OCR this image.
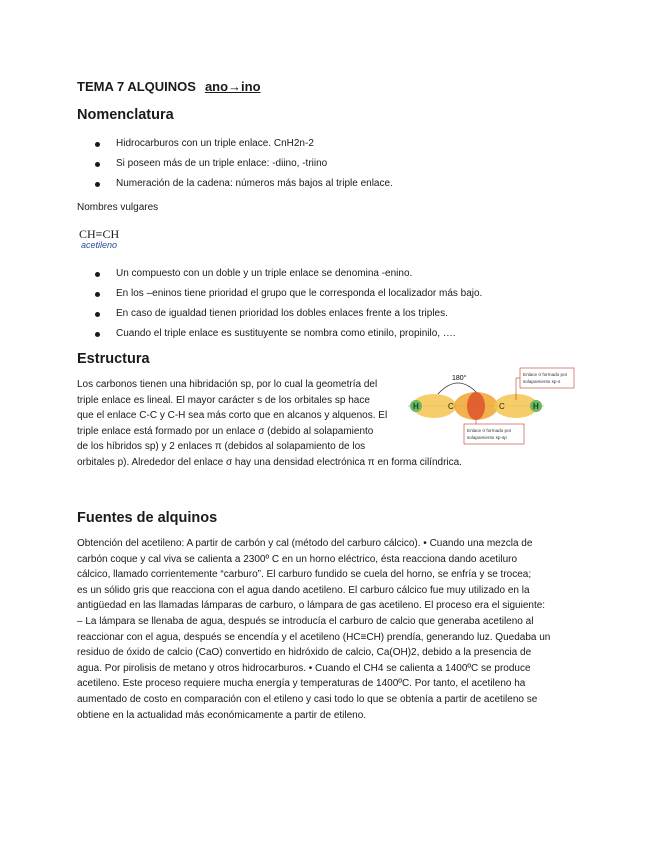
TEMA 7 ALQUINOS ano→ino
Nomenclatura
Hidrocarburos con un triple enlace. CnH2n-2
Si poseen más de un triple enlace: -diino, -triino
Numeración de la cadena: números más bajos al triple enlace.
Nombres vulgares
CH≡CH
acetileno
Un compuesto con un doble y un triple enlace se denomina -enino.
En los –eninos tiene prioridad el grupo que le corresponda el localizador más bajo.
En caso de igualdad tienen prioridad los dobles enlaces frente a los triples.
Cuando el triple enlace es sustituyente se nombra como etinilo, propinilo, ….
Estructura
Los carbonos tienen una hibridación sp, por lo cual la geometría del
triple enlace es lineal. El mayor carácter s de los orbitales sp hace
que el enlace C-C y C-H sea más corto que en alcanos y alquenos. El
triple enlace está formado por un enlace σ (debido al solapamiento
de los híbridos sp) y 2 enlaces π (debidos al solapamiento de los
orbitales p). Alrededor del enlace σ hay una densidad electrónica π en forma cilíndrica.
180°
H	C	C	H
Enlace σ formado por
solapamiento sp-s
Enlace σ formado por
solapamiento sp-sp
Fuentes de alquinos
Obtención del acetileno: A partir de carbón y cal (método del carburo cálcico). • Cuando una mezcla de
carbón coque y cal viva se calienta a 2300º C en un horno eléctrico, ésta reacciona dando acetiluro
cálcico, llamado corrientemente “carburo”. El carburo fundido se cuela del horno, se enfría y se trocea;
es un sólido gris que reacciona con el agua dando acetileno. El carburo cálcico fue muy utilizado en la
antigüedad en las llamadas lámparas de carburo, o lámpara de gas acetileno. El proceso era el siguiente:
– La lámpara se llenaba de agua, después se introducía el carburo de calcio que generaba acetileno al
reaccionar con el agua, después se encendía y el acetileno (HC≡CH) prendía, generando luz. Quedaba un
residuo de óxido de calcio (CaO) convertido en hidróxido de calcio, Ca(OH)2, debido a la presencia de
agua. Por pirolisis de metano y otros hidrocarburos. • Cuando el CH4 se calienta a 1400ºC se produce
acetileno. Este proceso requiere mucha energía y temperaturas de 1400ºC. Por tanto, el acetileno ha
aumentado de costo en comparación con el etileno y casi todo lo que se obtenía a partir de acetileno se
obtiene en la actualidad más económicamente a partir de etileno.
